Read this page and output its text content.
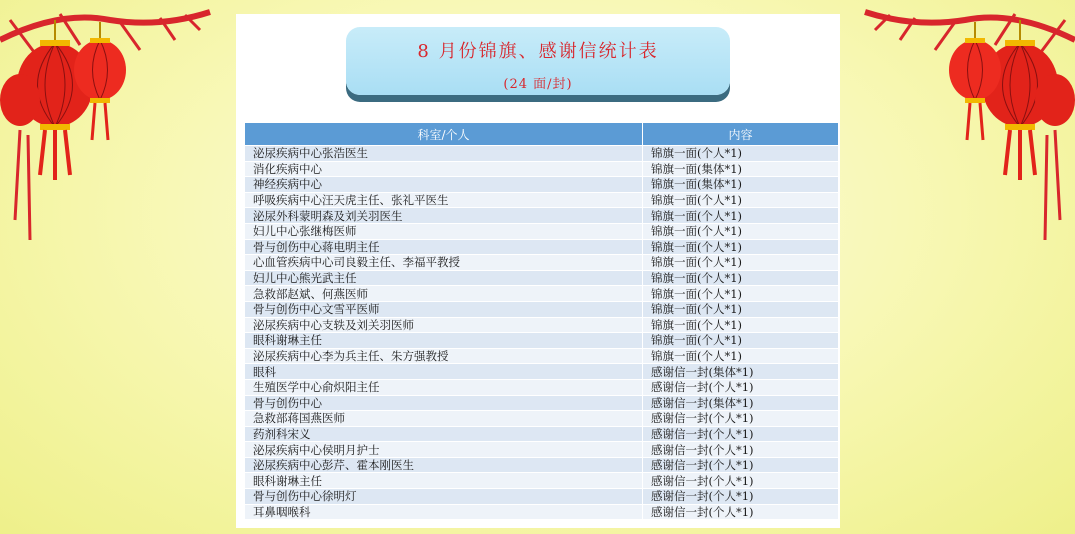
8 月份锦旗、感谢信统计表
(24 面/封)
科室/个人	内容
泌尿疾病中心张浩医生	锦旗一面(个人*1)
消化疾病中心	锦旗一面(集体*1)
神经疾病中心	锦旗一面(集体*1)
呼吸疾病中心汪天虎主任、张礼平医生	锦旗一面(个人*1)
泌尿外科蒙明森及刘关羽医生	锦旗一面(个人*1)
妇儿中心张继梅医师	锦旗一面(个人*1)
骨与创伤中心蒋电明主任	锦旗一面(个人*1)
心血管疾病中心司良毅主任、李福平教授	锦旗一面(个人*1)
妇儿中心熊光武主任	锦旗一面(个人*1)
急救部赵斌、何燕医师	锦旗一面(个人*1)
骨与创伤中心文雪平医师	锦旗一面(个人*1)
泌尿疾病中心支轶及刘关羽医师	锦旗一面(个人*1)
眼科谢琳主任	锦旗一面(个人*1)
泌尿疾病中心李为兵主任、朱方强教授	锦旗一面(个人*1)
眼科	感谢信一封(集体*1)
生殖医学中心俞炽阳主任	感谢信一封(个人*1)
骨与创伤中心	感谢信一封(集体*1)
急救部蒋国燕医师	感谢信一封(个人*1)
药剂科宋义	感谢信一封(个人*1)
泌尿疾病中心侯明月护士	感谢信一封(个人*1)
泌尿疾病中心彭芹、霍本刚医生	感谢信一封(个人*1)
眼科谢琳主任	感谢信一封(个人*1)
骨与创伤中心徐明灯	感谢信一封(个人*1)
耳鼻咽喉科	感谢信一封(个人*1)
